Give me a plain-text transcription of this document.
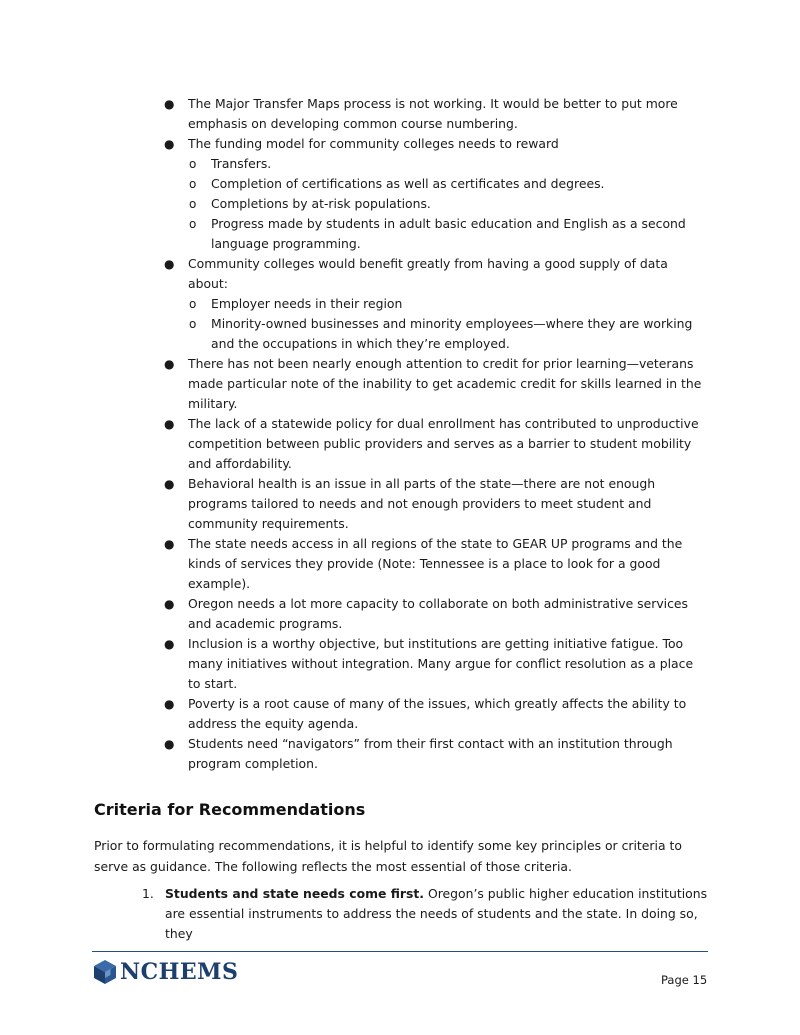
● The Major Transfer Maps process is not working. It would be better to put more emphasis on developing common course numbering.
● The funding model for community colleges needs to reward
o Transfers.
o Completion of certifications as well as certificates and degrees.
o Completions by at-risk populations.
o Progress made by students in adult basic education and English as a second language programming.
● Community colleges would benefit greatly from having a good supply of data about:
o Employer needs in their region
o Minority-owned businesses and minority employees—where they are working and the occupations in which they’re employed.
● There has not been nearly enough attention to credit for prior learning—veterans made particular note of the inability to get academic credit for skills learned in the military.
● The lack of a statewide policy for dual enrollment has contributed to unproductive competition between public providers and serves as a barrier to student mobility and affordability.
● Behavioral health is an issue in all parts of the state—there are not enough programs tailored to needs and not enough providers to meet student and community requirements.
● The state needs access in all regions of the state to GEAR UP programs and the kinds of services they provide (Note: Tennessee is a place to look for a good example).
● Oregon needs a lot more capacity to collaborate on both administrative services and academic programs.
● Inclusion is a worthy objective, but institutions are getting initiative fatigue. Too many initiatives without integration. Many argue for conflict resolution as a place to start.
● Poverty is a root cause of many of the issues, which greatly affects the ability to address the equity agenda.
● Students need “navigators” from their first contact with an institution through program completion.
Criteria for Recommendations
Prior to formulating recommendations, it is helpful to identify some key principles or criteria to serve as guidance. The following reflects the most essential of those criteria.
1. Students and state needs come first. Oregon’s public higher education institutions are essential instruments to address the needs of students and the state. In doing so, they
NCHEMS	Page 15
